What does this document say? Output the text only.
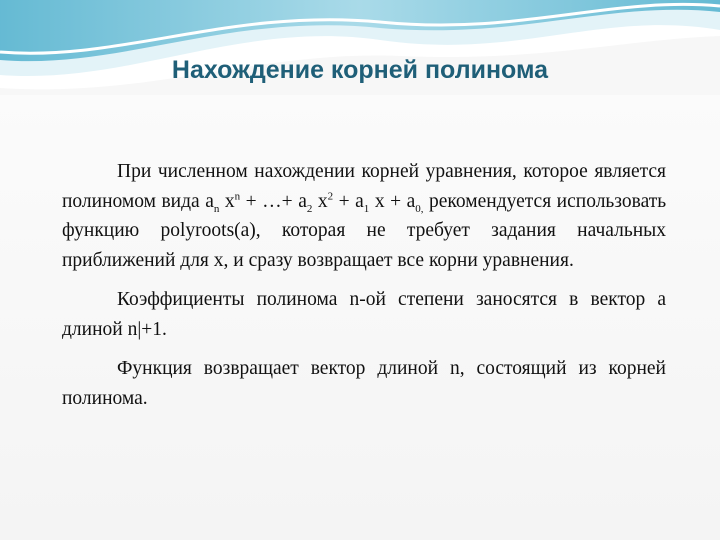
Нахождение корней полинома

При численном нахождении корней уравнения, которое является полиномом вида $a_n$ $x^n$ + …+ $a_2$ $x^2 + a_1$ $x + a_{0,}$ рекомендуется использовать функцию polyroots(a), которая не требует задания начальных приближений для x, и сразу возвращает все корни уравнения.

Коэффициенты полинома n-ой степени заносятся в вектор a длиной n|+1.

Функция возвращает вектор длиной n, состоящий из корней полинома.
